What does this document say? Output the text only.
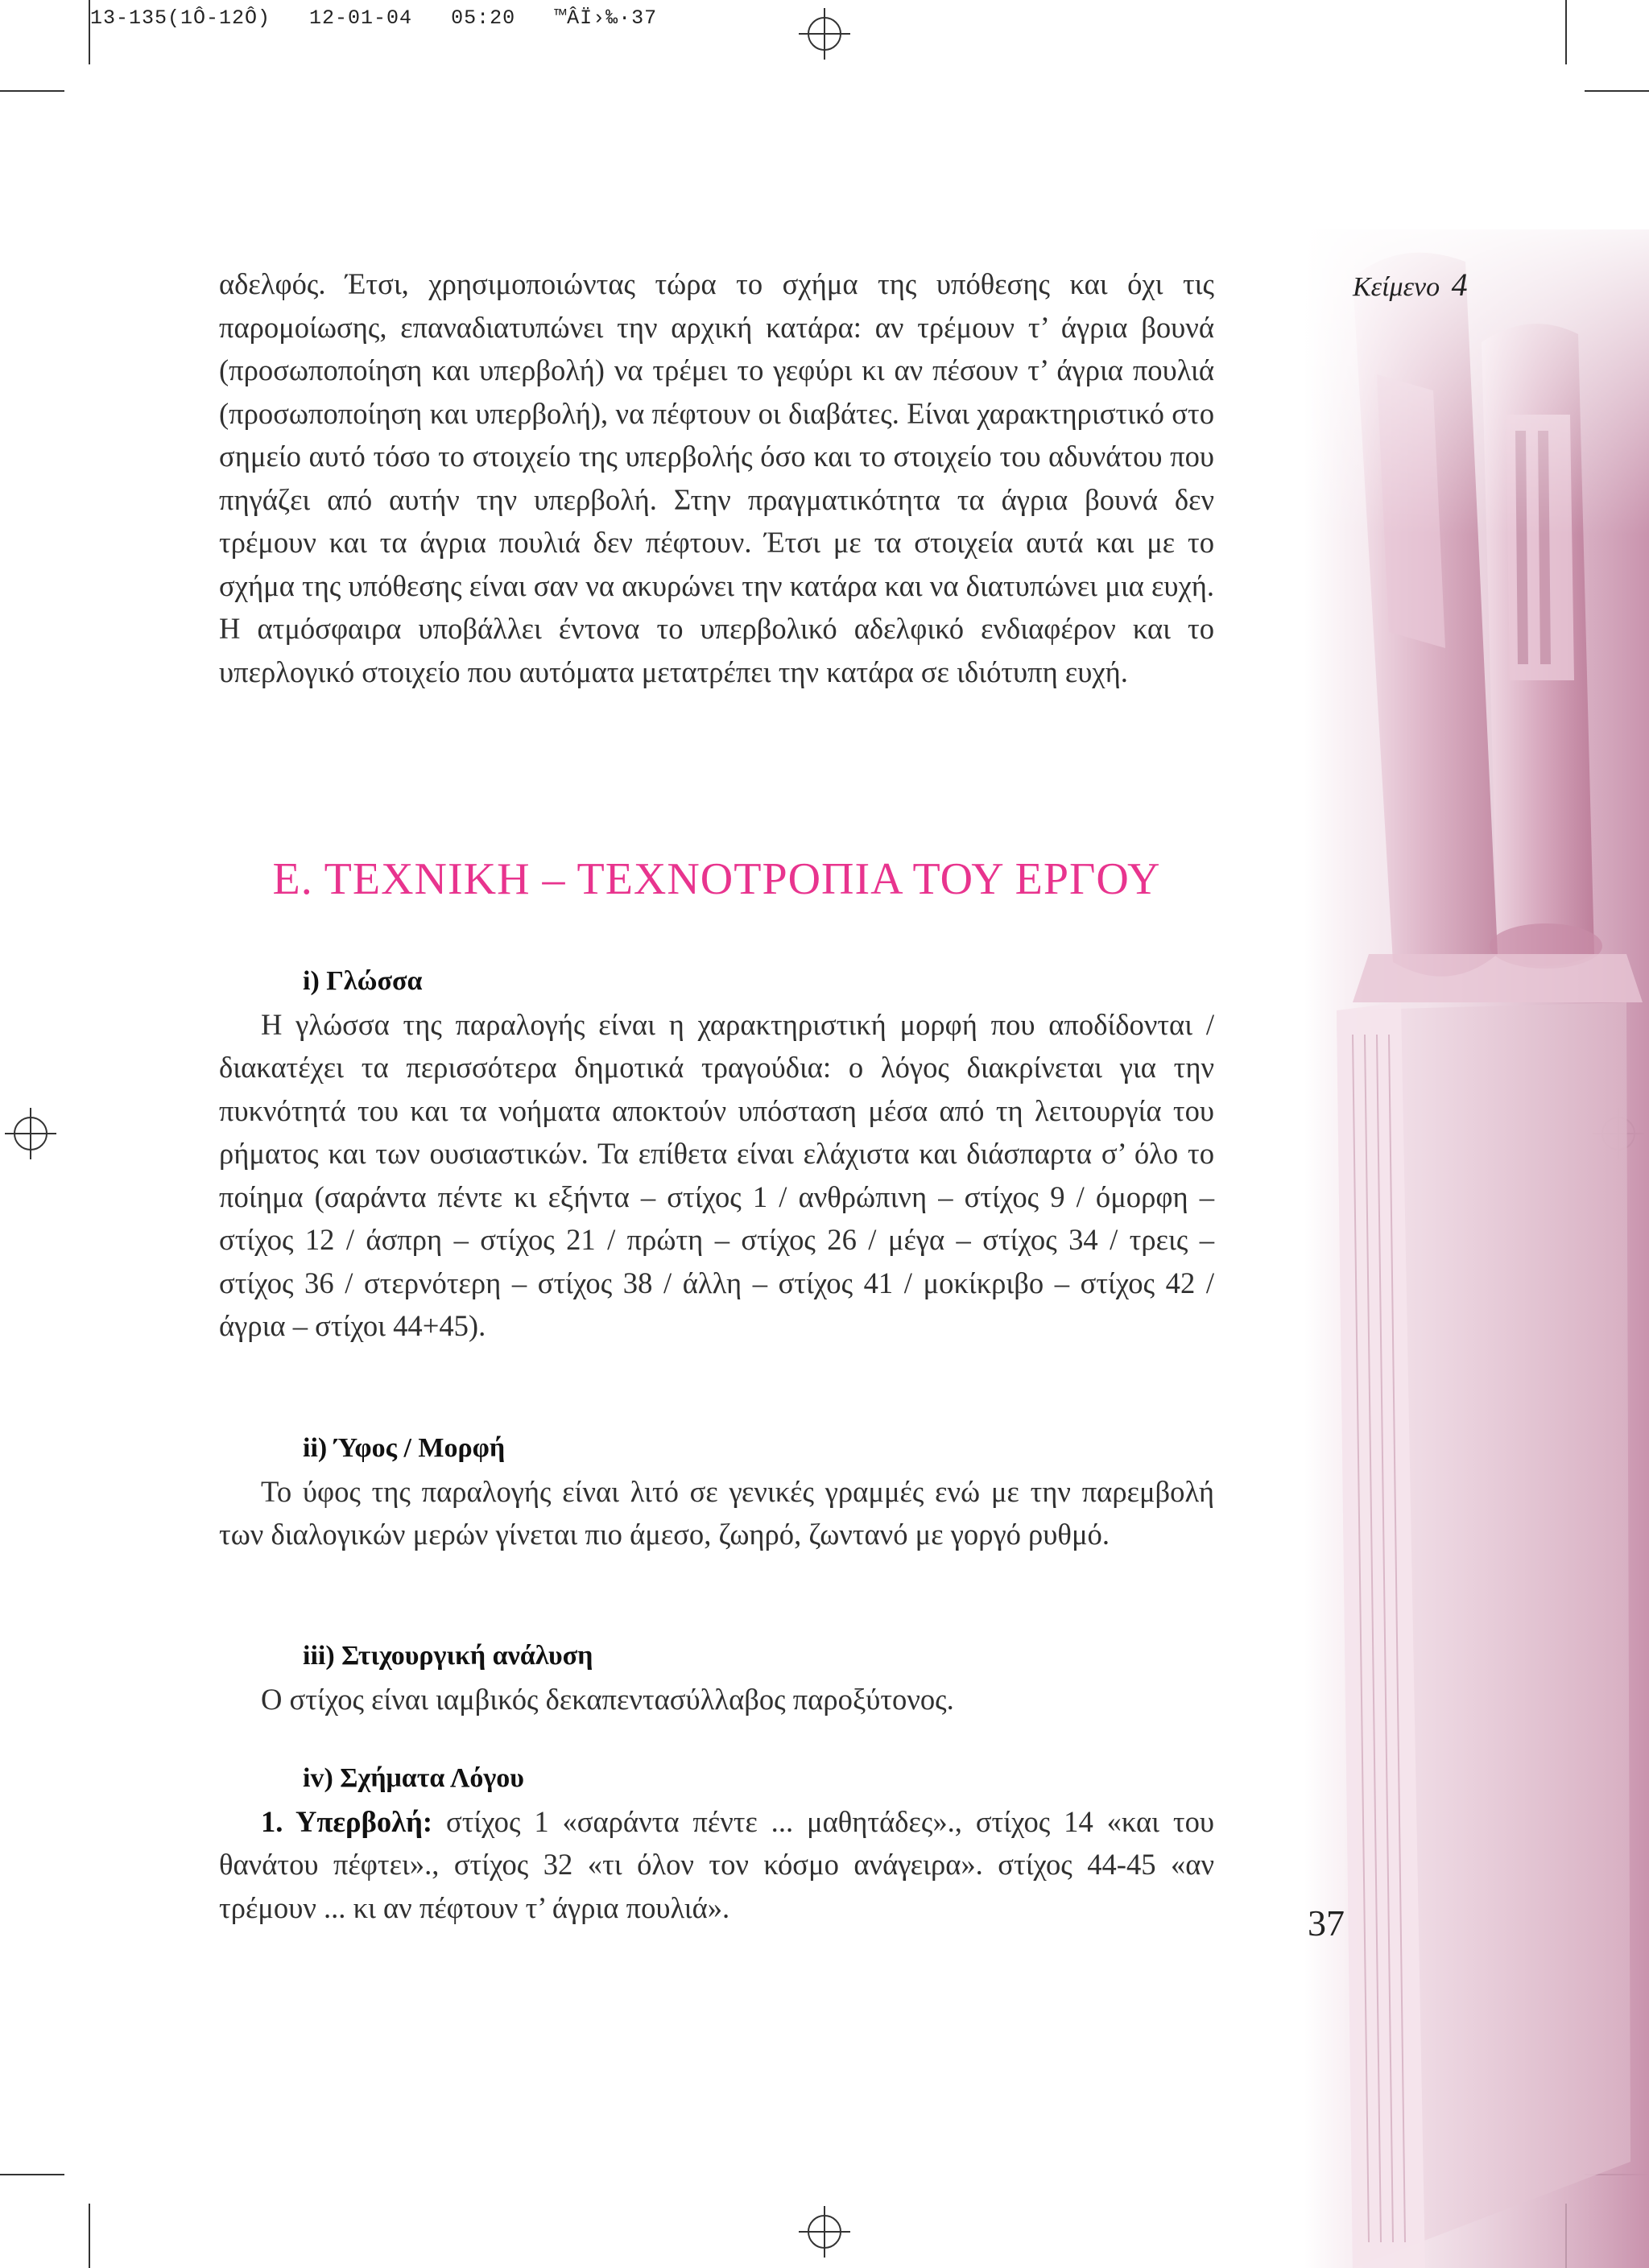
13-135(1Ô-12Ô)   12-01-04   05:20   ™ÂÏ›‰·37
Κείμενο 4

αδελφός. Έτσι, χρησιμοποιώντας τώρα το σχήμα της υπόθεσης και όχι τις παρομοίωσης, επαναδιατυπώνει την αρχική κατάρα: αν τρέμουν τ’ άγρια βουνά (προσωποποίηση και υπερβολή) να τρέμει το γεφύρι κι αν πέσουν τ’ άγρια πουλιά (προσωποποίηση και υπερβολή), να πέφτουν οι διαβάτες. Είναι χαρακτηριστικό στο σημείο αυτό τόσο το στοιχείο της υπερβολής όσο και το στοιχείο του αδυνάτου που πηγάζει από αυτήν την υπερβολή. Στην πραγματικότητα τα άγρια βουνά δεν τρέμουν και τα άγρια πουλιά δεν πέφτουν. Έτσι με τα στοιχεία αυτά και με το σχήμα της υπόθεσης είναι σαν να ακυρώνει την κατάρα και να διατυπώνει μια ευχή. Η ατμόσφαιρα υποβάλλει έντονα το υπερβολικό αδελφικό ενδιαφέρον και το υπερλογικό στοιχείο που αυτόματα μετατρέπει την κατάρα σε ιδιότυπη ευχή.

Ε. ΤΕΧΝΙΚΗ – ΤΕΧΝΟΤΡΟΠΙΑ ΤΟΥ ΕΡΓΟΥ

i) Γλώσσα

Η γλώσσα της παραλογής είναι η χαρακτηριστική μορφή που αποδίδονται / διακατέχει τα περισσότερα δημοτικά τραγούδια: ο λόγος διακρίνεται για την πυκνότητά του και τα νοήματα αποκτούν υπόσταση μέσα από τη λειτουργία του ρήματος και των ουσιαστικών. Τα επίθετα είναι ελάχιστα και διάσπαρτα σ’ όλο το ποίημα (σαράντα πέντε κι εξήντα – στίχος 1 / ανθρώπινη – στίχος 9 / όμορφη – στίχος 12 / άσπρη – στίχος 21 / πρώτη – στίχος 26 / μέγα – στίχος 34 / τρεις – στίχος 36 / στερνότερη – στίχος 38 / άλλη – στίχος 41 / μοκίκριβο – στίχος 42 / άγρια – στίχοι 44+45).

ii) Ύφος / Μορφή

Το ύφος της παραλογής είναι λιτό σε γενικές γραμμές ενώ με την παρεμβολή των διαλογικών μερών γίνεται πιο άμεσο, ζωηρό, ζωντανό με γοργό ρυθμό.

iii) Στιχουργική ανάλυση

Ο στίχος είναι ιαμβικός δεκαπεντασύλλαβος παροξύτονος.

iv) Σχήματα Λόγου

1. Υπερβολή: στίχος 1 «σαράντα πέντε ... μαθητάδες»., στίχος 14 «και του θανάτου πέφτει»., στίχος 32 «τι όλον τον κόσμο ανάγειρα». στίχος 44-45 «αν τρέμουν ... κι αν πέφτουν τ’ άγρια πουλιά».	37
